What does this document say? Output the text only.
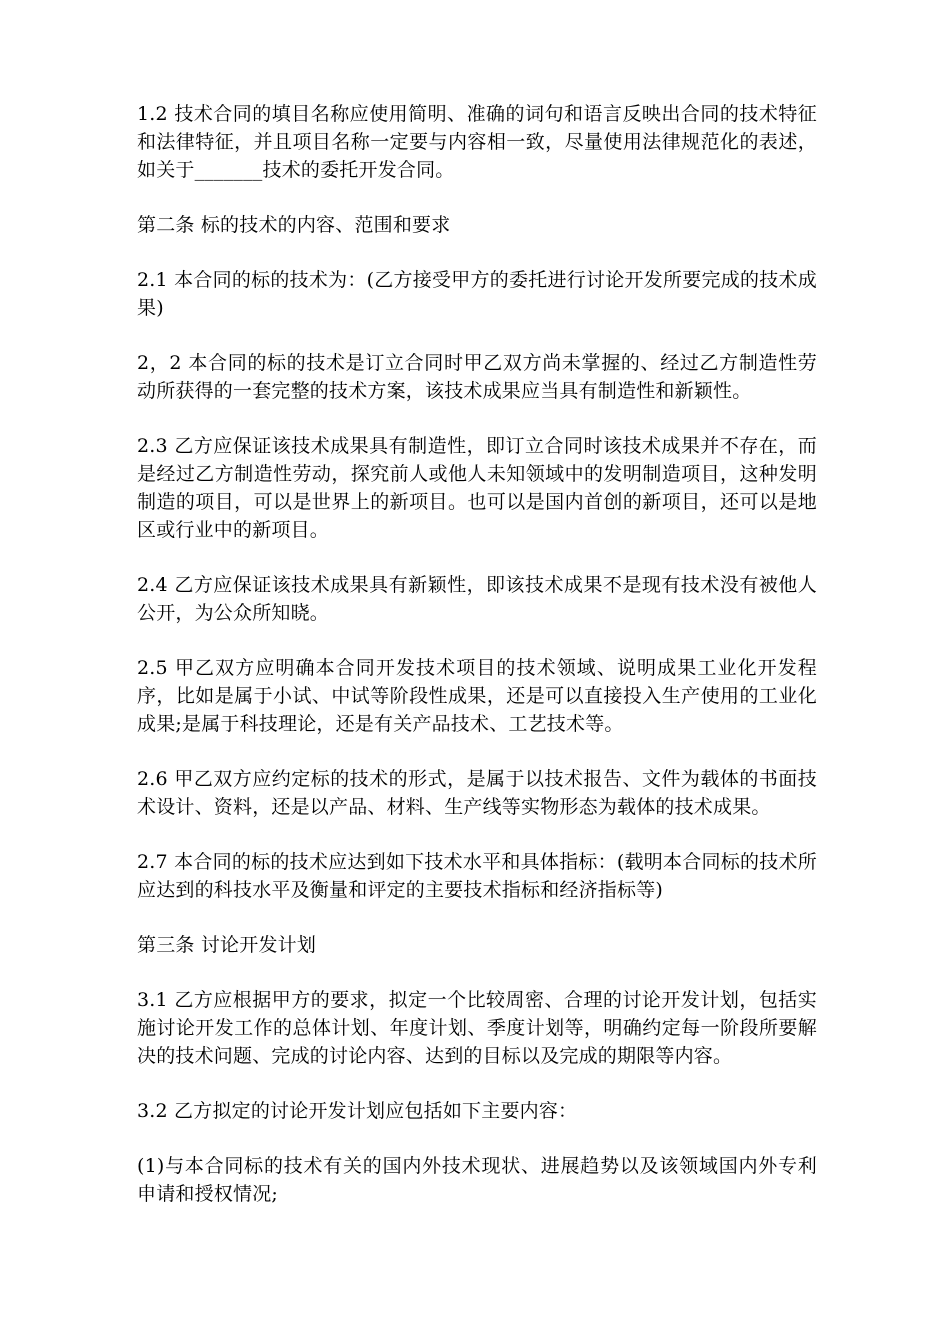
1.2 技术合同的填目名称应使用简明、准确的词句和语言反映出合同的技术特征和法律特征，并且项目名称一定要与内容相一致，尽量使用法律规范化的表述，如关于_______技术的委托开发合同。

第二条 标的技术的内容、范围和要求

2.1 本合同的标的技术为：(乙方接受甲方的委托进行讨论开发所要完成的技术成果)

2，2 本合同的标的技术是订立合同时甲乙双方尚未掌握的、经过乙方制造性劳动所获得的一套完整的技术方案，该技术成果应当具有制造性和新颖性。

2.3 乙方应保证该技术成果具有制造性，即订立合同时该技术成果并不存在，而是经过乙方制造性劳动，探究前人或他人未知领域中的发明制造项目，这种发明制造的项目，可以是世界上的新项目。也可以是国内首创的新项目，还可以是地区或行业中的新项目。

2.4 乙方应保证该技术成果具有新颖性，即该技术成果不是现有技术没有被他人公开，为公众所知晓。

2.5 甲乙双方应明确本合同开发技术项目的技术领域、说明成果工业化开发程序，比如是属于小试、中试等阶段性成果，还是可以直接投入生产使用的工业化成果;是属于科技理论，还是有关产品技术、工艺技术等。

2.6 甲乙双方应约定标的技术的形式，是属于以技术报告、文件为载体的书面技术设计、资料，还是以产品、材料、生产线等实物形态为载体的技术成果。

2.7 本合同的标的技术应达到如下技术水平和具体指标：(载明本合同标的技术所应达到的科技水平及衡量和评定的主要技术指标和经济指标等)

第三条 讨论开发计划

3.1 乙方应根据甲方的要求，拟定一个比较周密、合理的讨论开发计划，包括实施讨论开发工作的总体计划、年度计划、季度计划等，明确约定每一阶段所要解决的技术问题、完成的讨论内容、达到的目标以及完成的期限等内容。

3.2 乙方拟定的讨论开发计划应包括如下主要内容：

(1)与本合同标的技术有关的国内外技术现状、进展趋势以及该领域国内外专利申请和授权情况;
